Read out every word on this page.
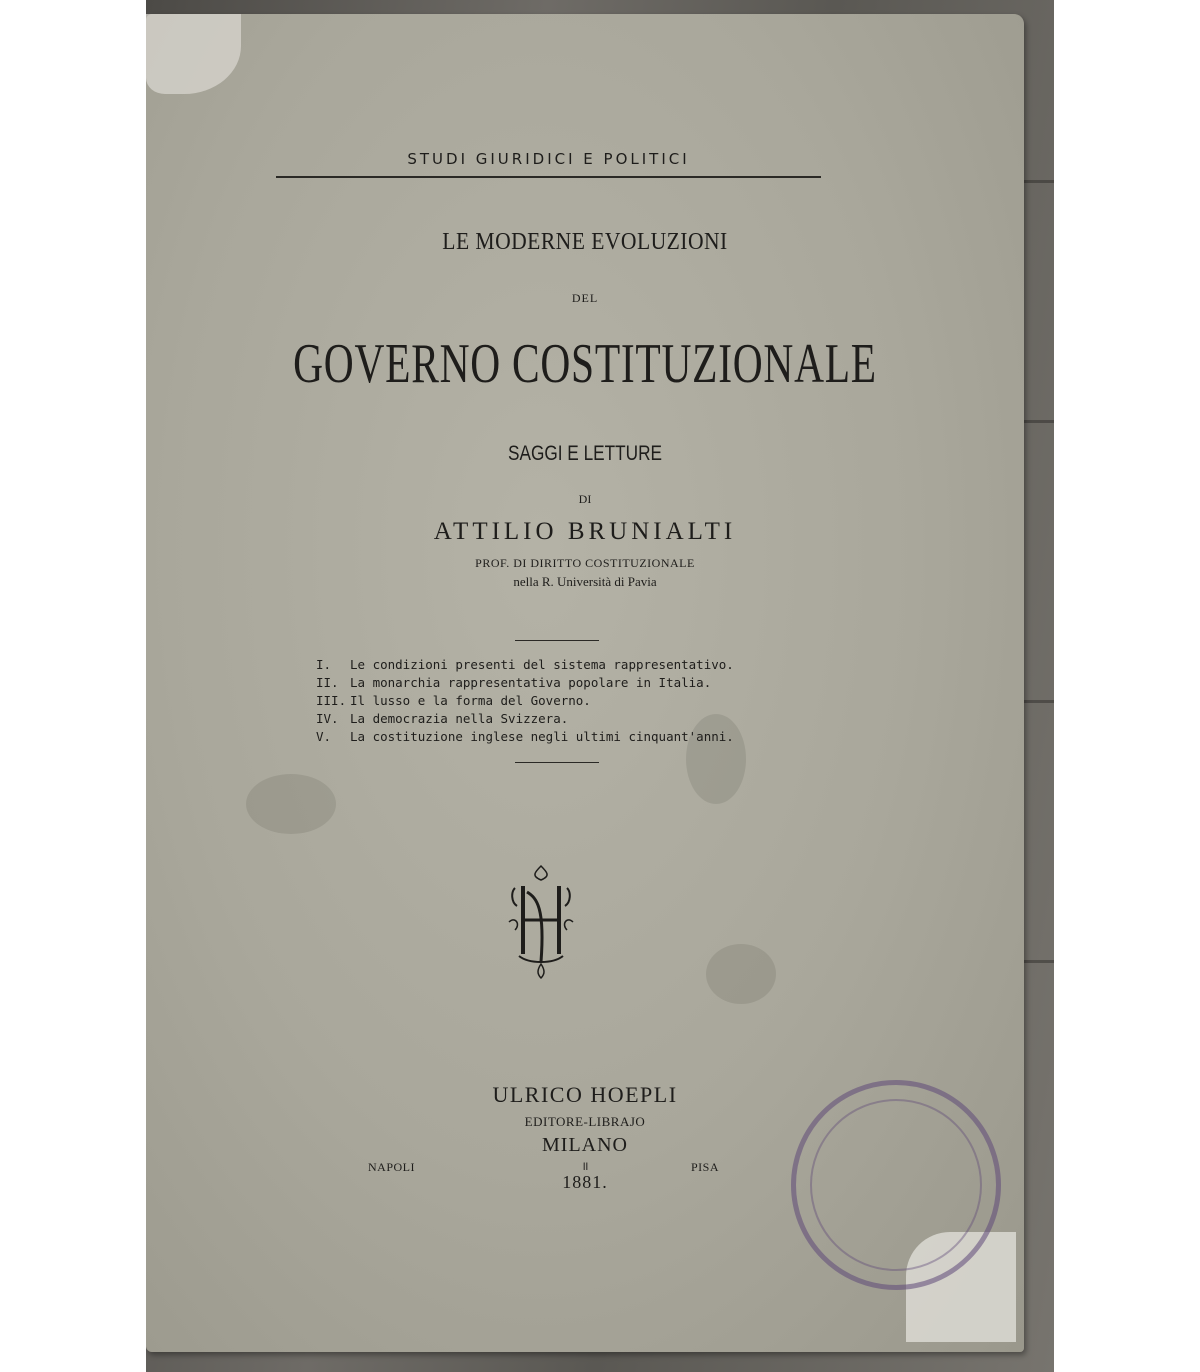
STUDI GIURIDICI E POLITICI
LE MODERNE EVOLUZIONI
DEL
GOVERNO COSTITUZIONALE
SAGGI E LETTURE
DI
ATTILIO BRUNIALTI
PROF. DI DIRITTO COSTITUZIONALE
nella R. Università di Pavia
I.	Le condizioni presenti del sistema rappresentativo.
II. La monarchia rappresentativa popolare in Italia.
III. Il lusso e la forma del Governo.
IV. La democrazia nella Svizzera.
V.	La costituzione inglese negli ultimi cinquant'anni.
ULRICO HOEPLI
EDITORE-LIBRAJO
MILANO
॥
1881.
NAPOLI	PISA
